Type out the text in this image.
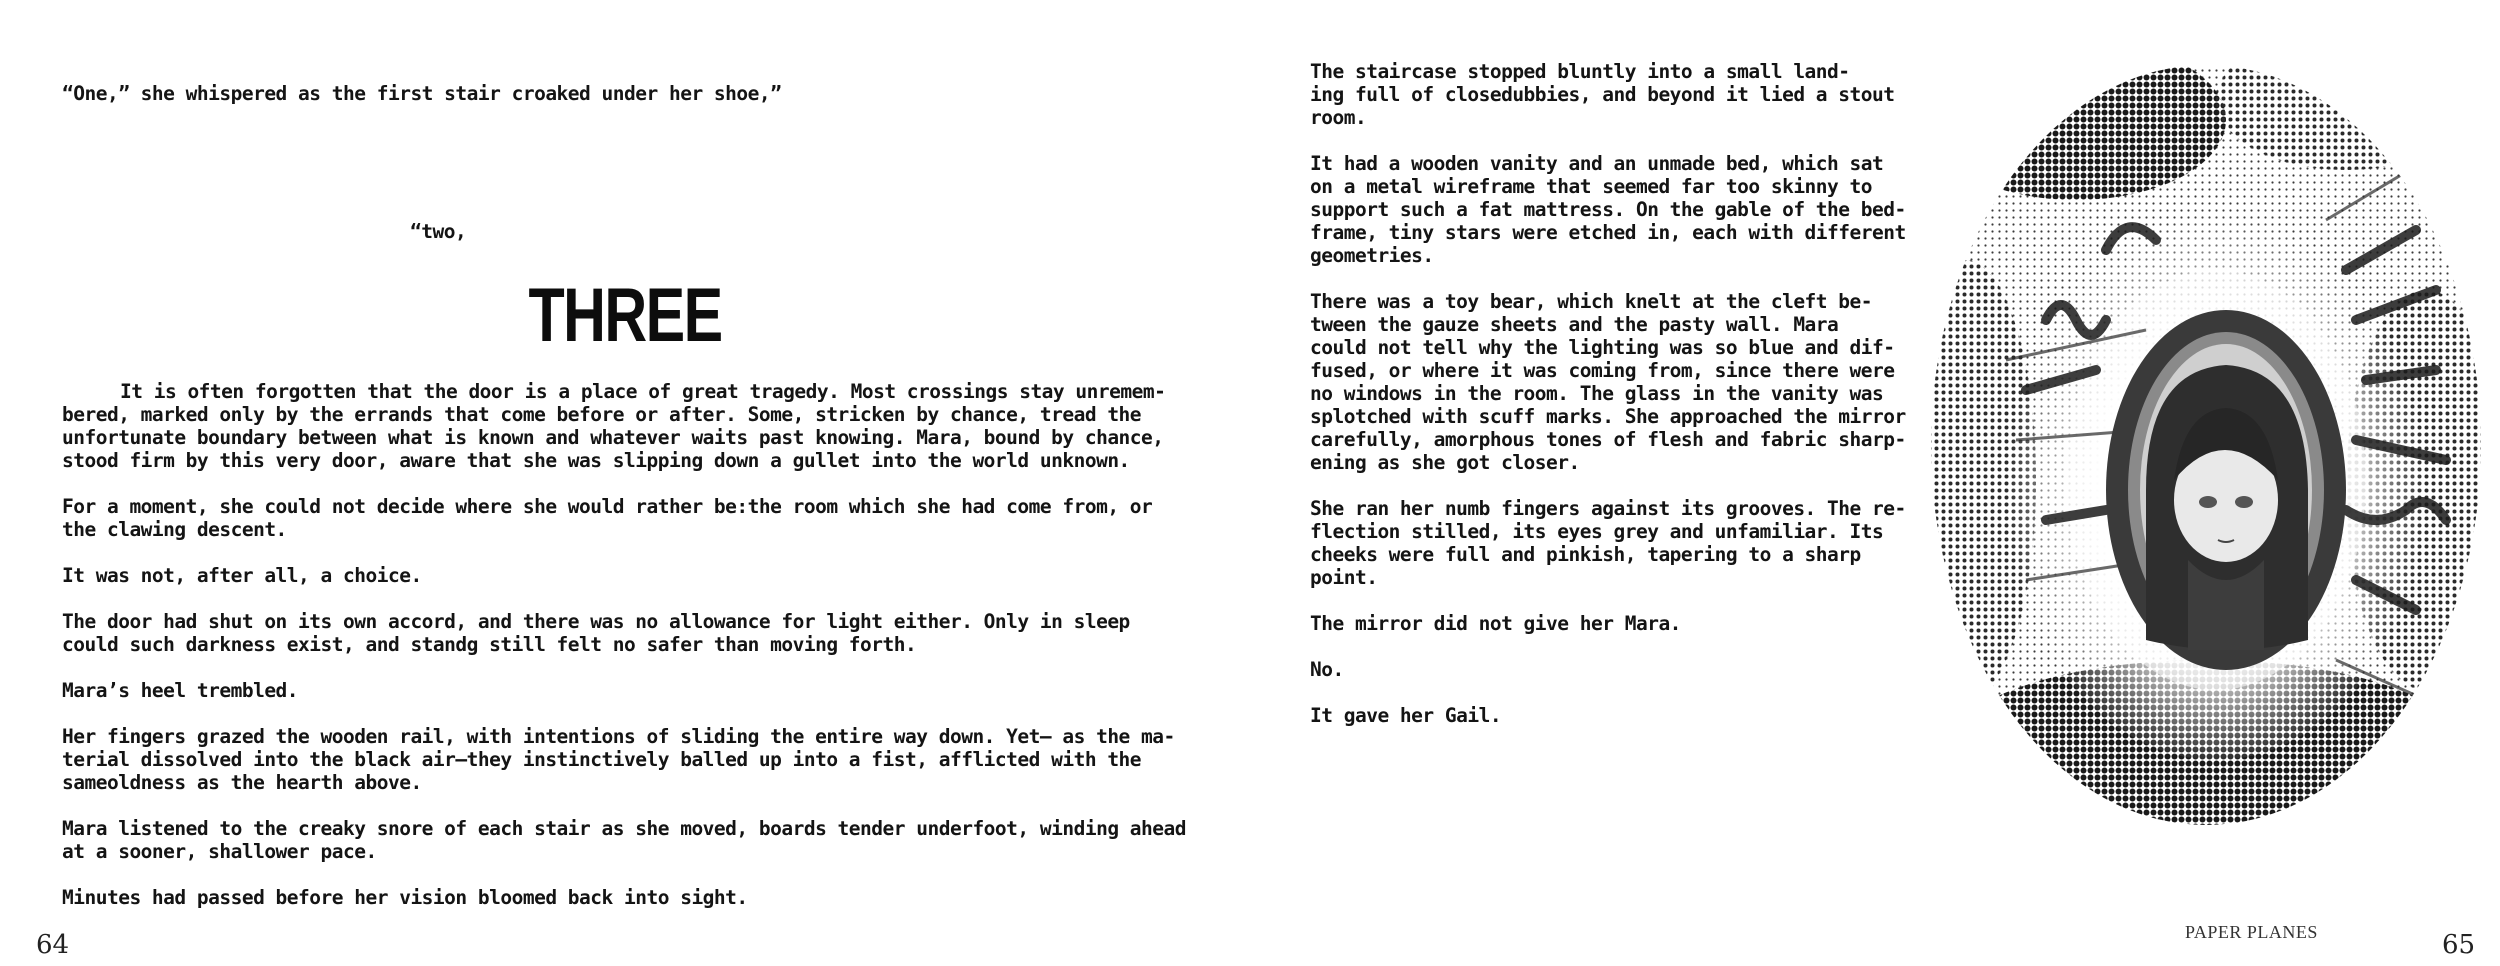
“One,” she whispered as the first stair croaked under her shoe,”

“two,

THREE

It is often forgotten that the door is a place of great tragedy. Most crossings stay unremem-
bered, marked only by the errands that come before or after. Some, stricken by chance, tread the
unfortunate boundary between what is known and whatever waits past knowing. Mara, bound by chance,
stood firm by this very door, aware that she was slipping down a gullet into the world unknown.

For a moment, she could not decide where she would rather be:the room which she had come from, or
the clawing descent.

It was not, after all, a choice.

The door had shut on its own accord, and there was no allowance for light either. Only in sleep
could such darkness exist, and standg still felt no safer than moving forth.

Mara’s heel trembled.

Her fingers grazed the wooden rail, with intentions of sliding the entire way down. Yet— as the ma-
terial dissolved into the black air—they instinctively balled up into a fist, afflicted with the
sameoldness as the hearth above.

Mara listened to the creaky snore of each stair as she moved, boards tender underfoot, winding ahead
at a sooner, shallower pace.

Minutes had passed before her vision bloomed back into sight.

64

The staircase stopped bluntly into a small land-
ing full of closedubbies, and beyond it lied a stout
room.

It had a wooden vanity and an unmade bed, which sat
on a metal wireframe that seemed far too skinny to
support such a fat mattress. On the gable of the bed-
frame, tiny stars were etched in, each with different
geometries.

There was a toy bear, which knelt at the cleft be-
tween the gauze sheets and the pasty wall. Mara
could not tell why the lighting was so blue and dif-
fused, or where it was coming from, since there were
no windows in the room. The glass in the vanity was
splotched with scuff marks. She approached the mirror
carefully, amorphous tones of flesh and fabric sharp-
ening as she got closer.

She ran her numb fingers against its grooves. The re-
flection stilled, its eyes grey and unfamiliar. Its
cheeks were full and pinkish, tapering to a sharp
point.

The mirror did not give her Mara.

No.

It gave her Gail.

PAPER PLANES	65
